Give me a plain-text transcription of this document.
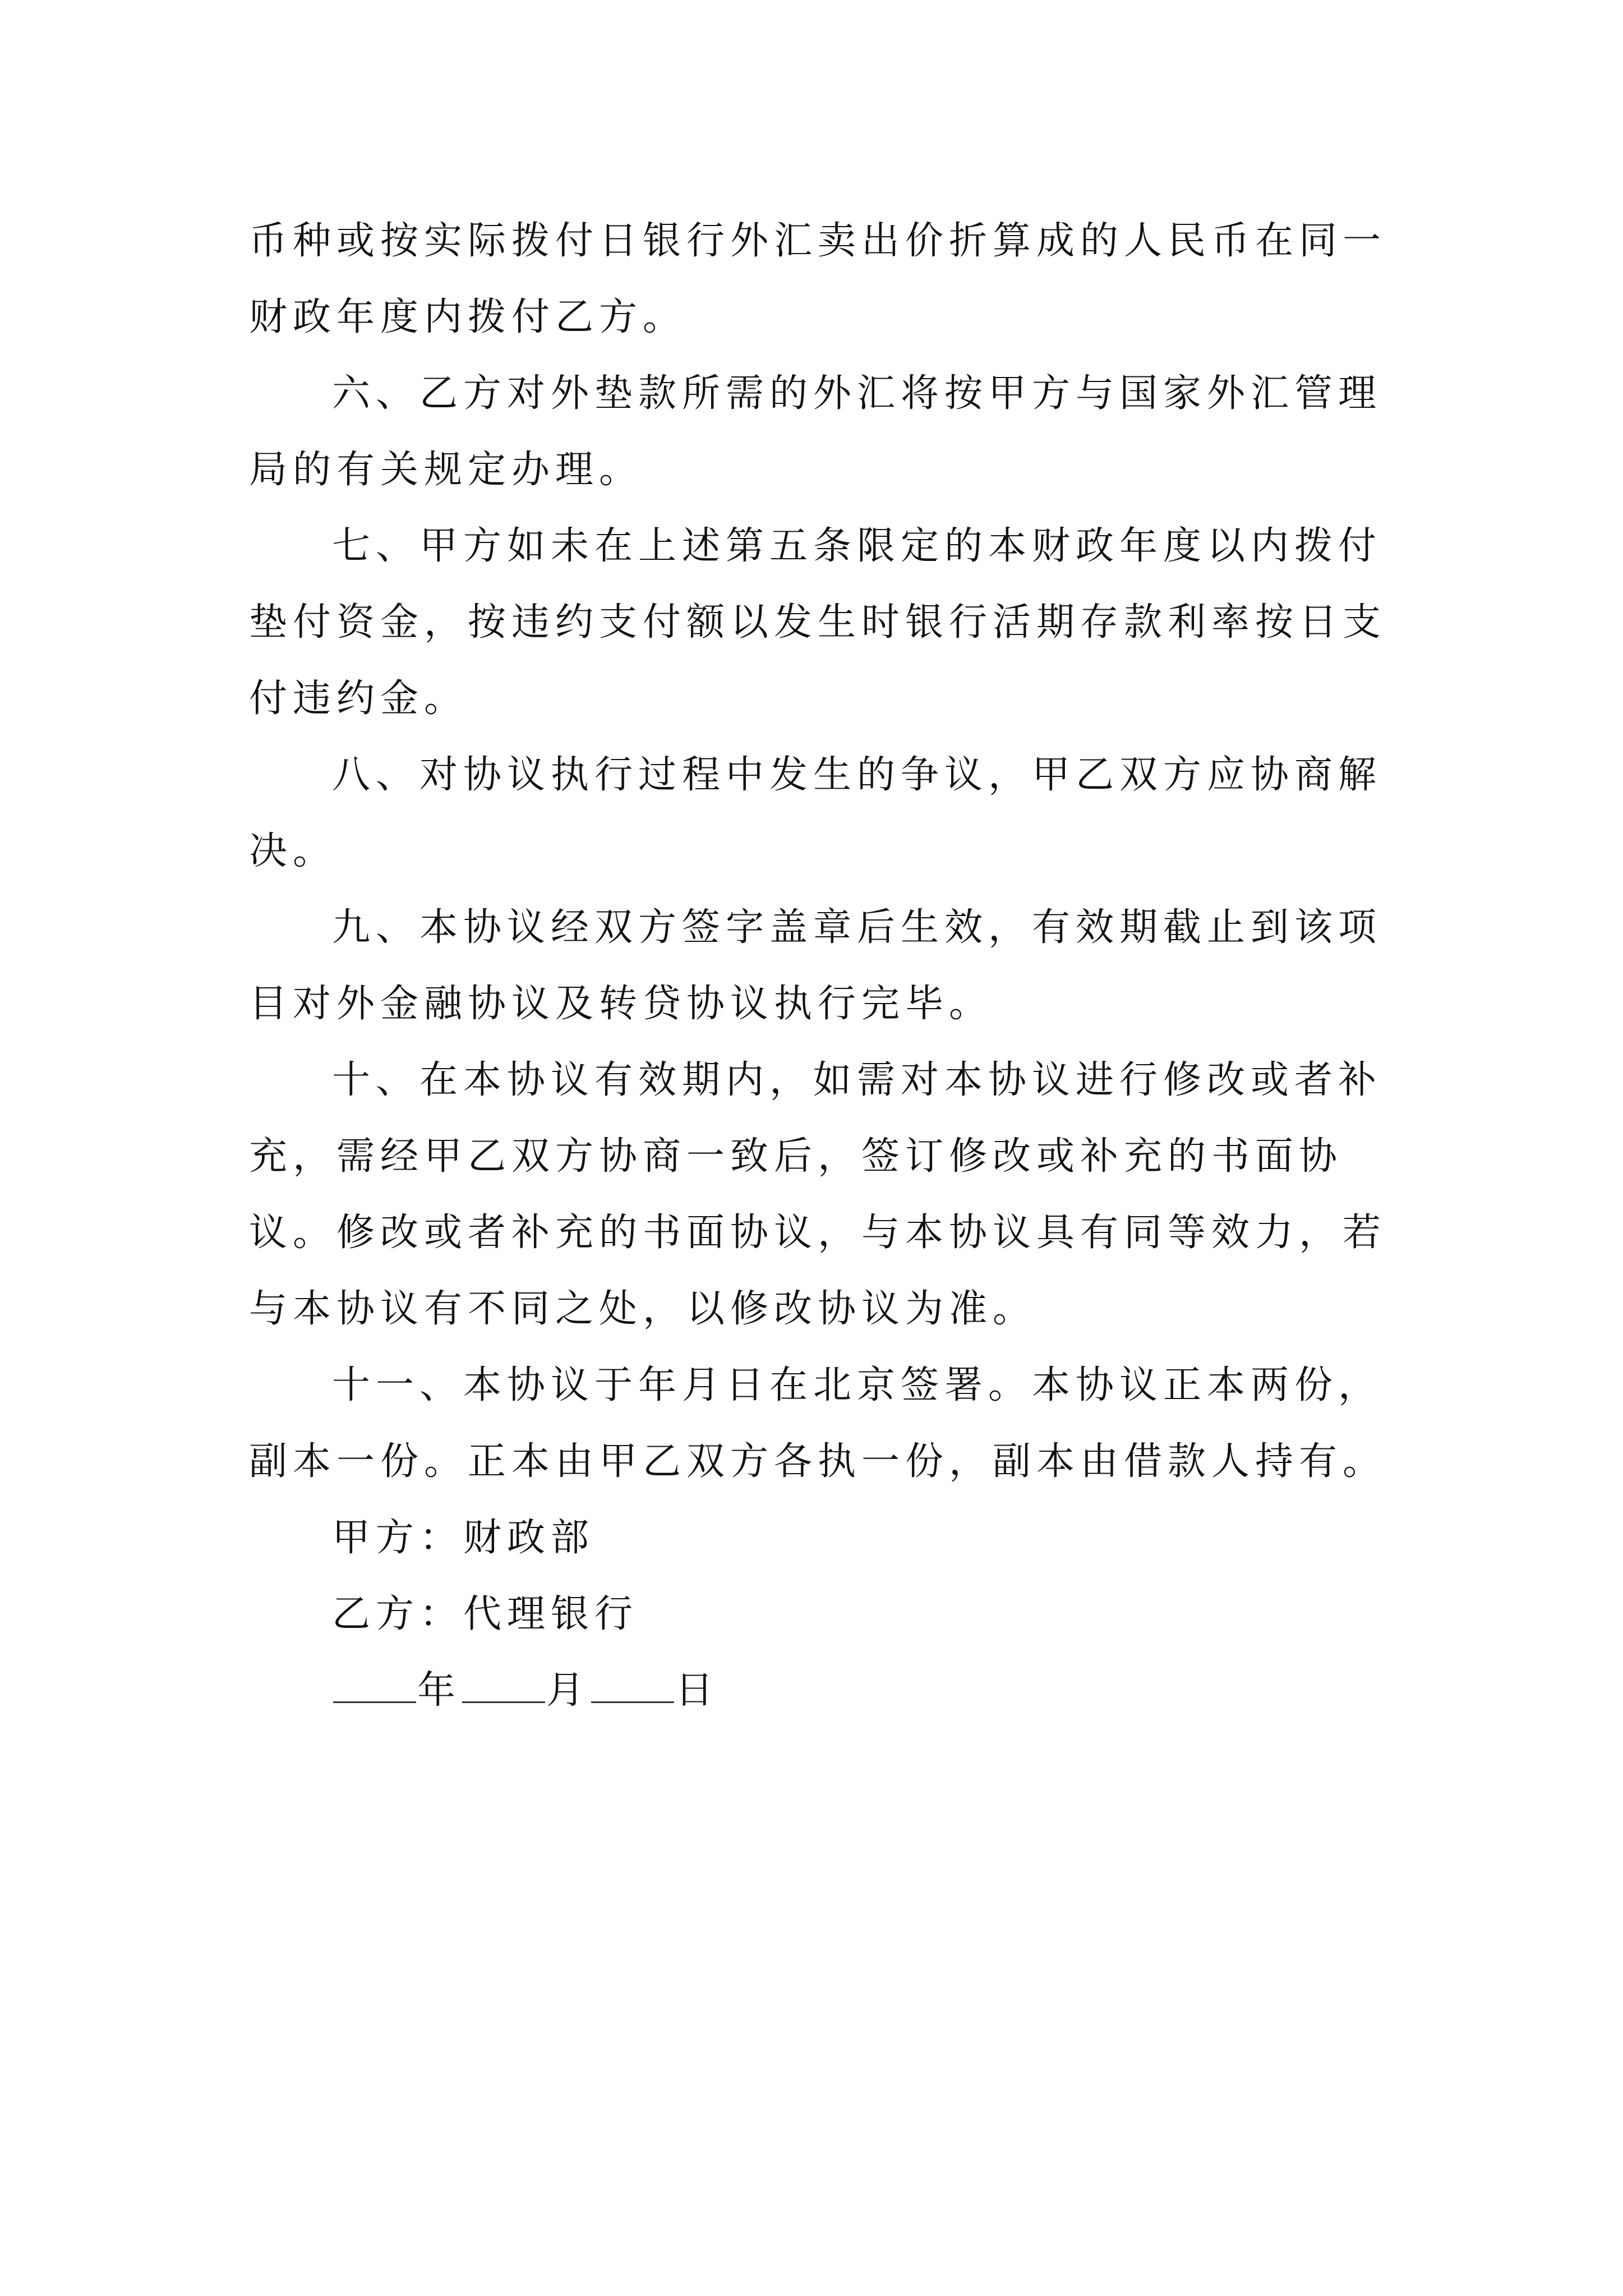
币种或按实际拨付日银行外汇卖出价折算成的人民币在同一财政年度内拨付乙方。

六、乙方对外垫款所需的外汇将按甲方与国家外汇管理局的有关规定办理。

七、甲方如未在上述第五条限定的本财政年度以内拨付垫付资金，按违约支付额以发生时银行活期存款利率按日支付违约金。

八、对协议执行过程中发生的争议，甲乙双方应协商解决。

九、本协议经双方签字盖章后生效，有效期截止到该项目对外金融协议及转贷协议执行完毕。

十、在本协议有效期内，如需对本协议进行修改或者补充，需经甲乙双方协商一致后，签订修改或补充的书面协议。修改或者补充的书面协议，与本协议具有同等效力，若与本协议有不同之处，以修改协议为准。

十一、本协议于年月日在北京签署。本协议正本两份，副本一份。正本由甲乙双方各执一份，副本由借款人持有。

甲方：财政部

乙方：代理银行

年 月 日
